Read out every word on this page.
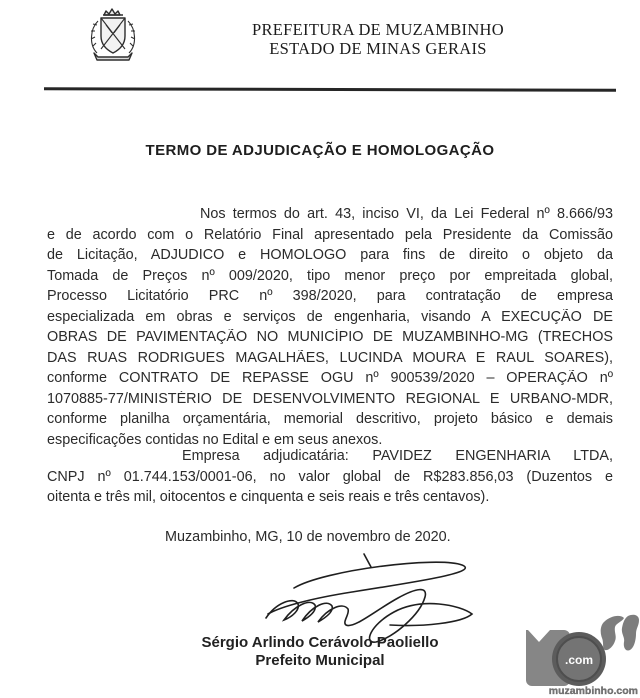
PREFEITURA DE MUZAMBINHO
ESTADO DE MINAS GERAIS
TERMO DE ADJUDICAÇÃO E HOMOLOGAÇÃO
Nos termos do art. 43, inciso VI, da Lei Federal nº 8.666/93
e de acordo com o Relatório Final apresentado pela Presidente da Comissão
de Licitação, ADJUDICO e HOMOLOGO para fins de direito o objeto da
Tomada de Preços nº 009/2020, tipo menor preço por empreitada global,
Processo Licitatório PRC nº 398/2020, para contratação de empresa
especializada em obras e serviços de engenharia, visando A EXECUÇÃO DE
OBRAS DE PAVIMENTAÇÃO NO MUNICÍPIO DE MUZAMBINHO-MG (TRECHOS
DAS RUAS RODRIGUES MAGALHÃES, LUCINDA MOURA E RAUL SOARES),
conforme CONTRATO DE REPASSE OGU nº 900539/2020 – OPERAÇÃO nº
1070885-77/MINISTÉRIO DE DESENVOLVIMENTO REGIONAL E URBANO-MDR,
conforme planilha orçamentária, memorial descritivo, projeto básico e demais
especificações contidas no Edital e em seus anexos.
Empresa adjudicatária: PAVIDEZ ENGENHARIA LTDA,
CNPJ nº 01.744.153/0001-06, no valor global de R$283.856,03 (Duzentos e
oitenta e três mil, oitocentos e cinquenta e seis reais e três centavos).
Muzambinho, MG, 10 de novembro de 2020.
Sérgio Arlindo Cerávolo Paoliello
Prefeito Municipal	.com
muzambinho.com
